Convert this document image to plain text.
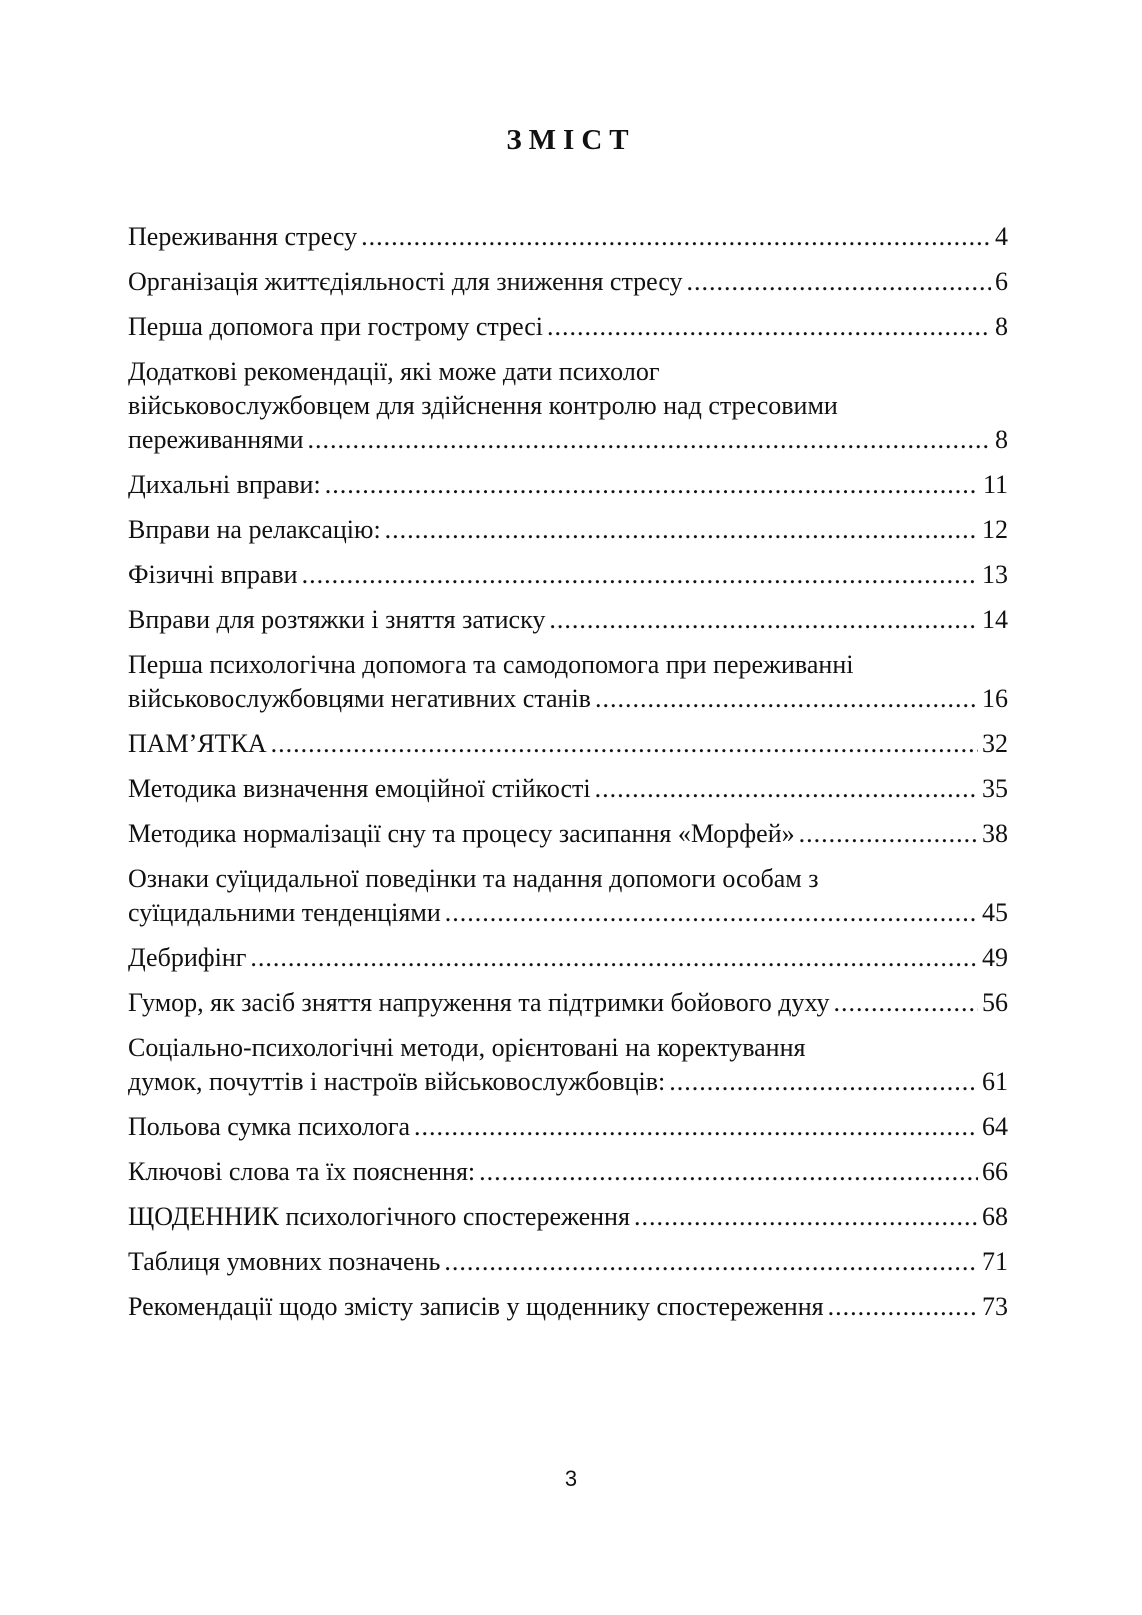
ЗМІСТ
Переживання стресу .....	4
Організація життєдіяльності для зниження стресу .....	6
Перша допомога при гострому стресі .....	8
Додаткові рекомендації, які може дати психолог
військовослужбовцем для здійснення контролю над стресовими
переживаннями .....	8
Дихальні вправи: .....	11
Вправи на релаксацію: .....	12
Фізичні вправи .....	13
Вправи для розтяжки і зняття затиску .....	14
Перша психологічна допомога та самодопомога при переживанні
військовослужбовцями негативних станів .....	16
ПАМ’ЯТКА .....	32
Методика визначення емоційної стійкості .....	35
Методика нормалізації сну та процесу засипання «Морфей» .....	38
Ознаки суїцидальної поведінки та надання допомоги особам з
суїцидальними тенденціями .....	45
Дебрифінг .....	49
Гумор, як засіб зняття напруження та підтримки бойового духу .....	56
Соціально-психологічні методи, орієнтовані на коректування
думок, почуттів і настроїв військовослужбовців: .....	61
Польова сумка психолога .....	64
Ключові слова та їх пояснення: .....	66
ЩОДЕННИК психологічного спостереження .....	68
Таблиця умовних позначень .....	71
Рекомендації щодо змісту записів у щоденнику спостереження .....	73
3
